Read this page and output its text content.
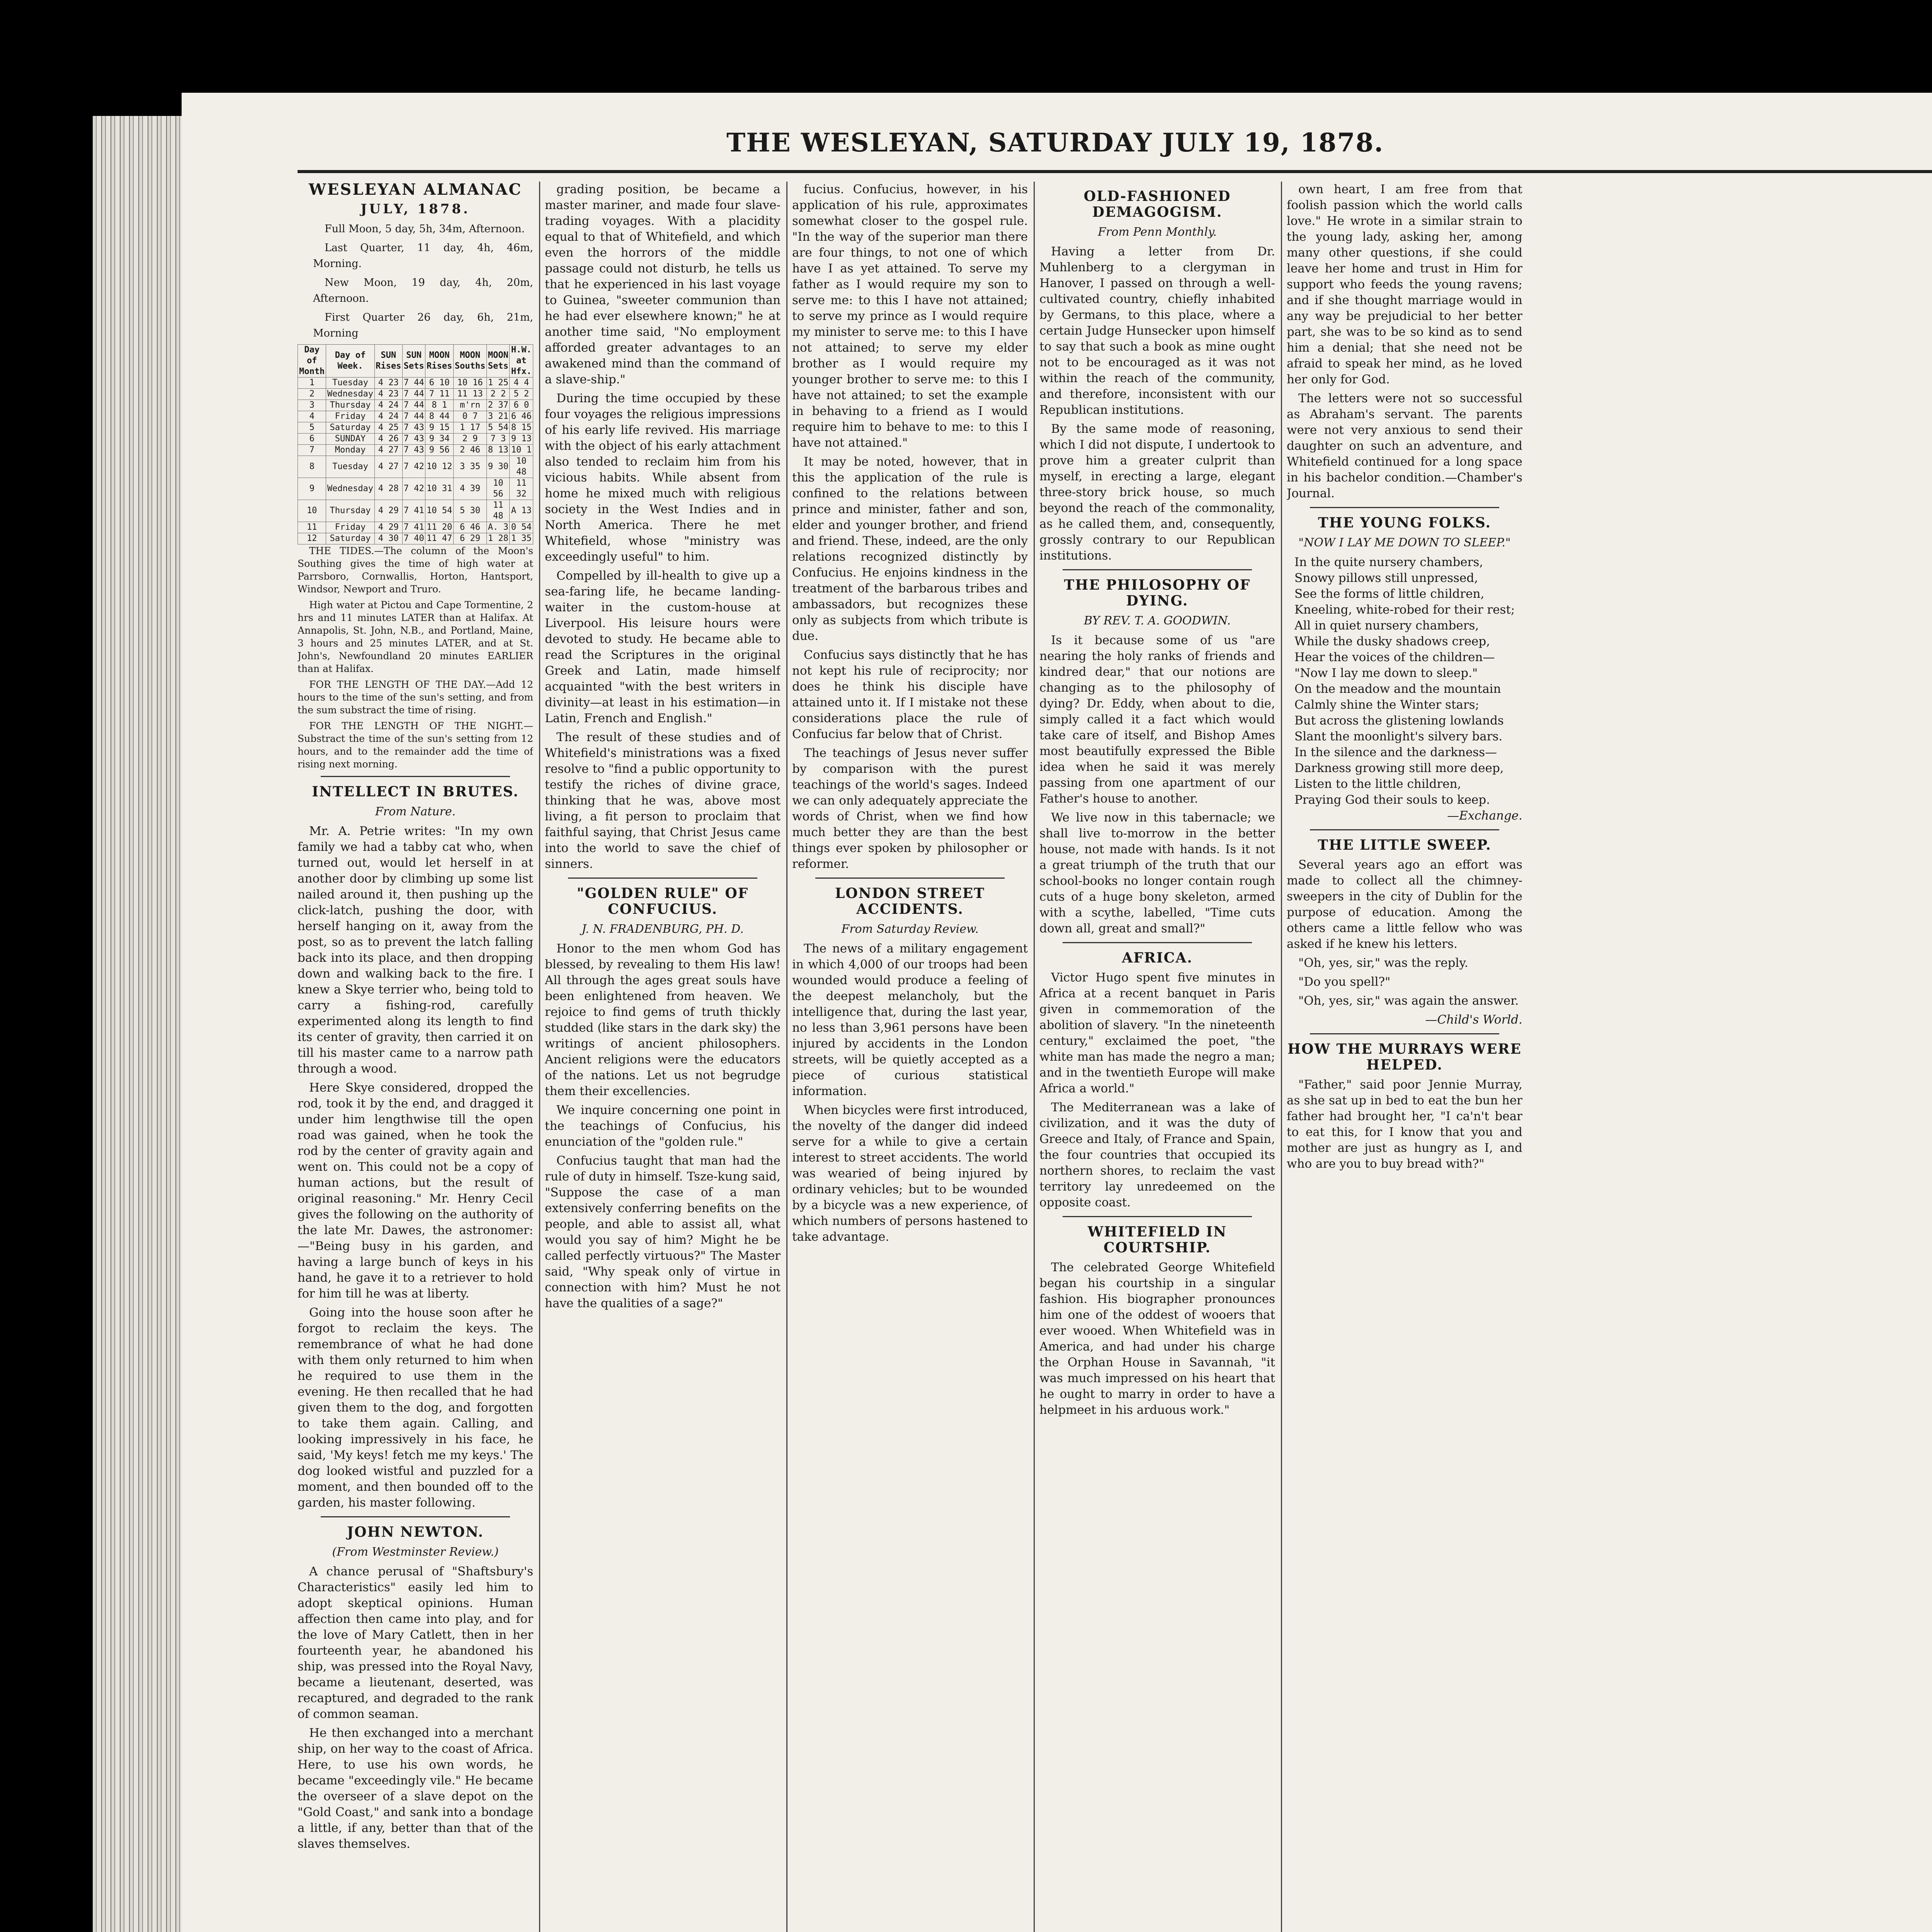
THE WESLEYAN, SATURDAY JULY 19, 1878.
WESLEYAN ALMANAC
JULY, 1878.

Full Moon, 5 day, 5h, 34m, Afternoon.

Last Quarter, 11 day, 4h, 46m, Morning.

New Moon, 19 day, 4h, 20m, Afternoon.

First Quarter 26 day, 6h, 21m, Morning

Day of Month	Day of Week.	SUN Rises	SUN Sets	MOON Rises	MOON Souths	MOON Sets	H.W. at Hfx.
1	Tuesday	4 23	7 44	6 10	10 16	1 25	4 4
2	Wednesday	4 23	7 44	7 11	11 13	2 2	5 2
3	Thursday	4 24	7 44	8 1	m'rn	2 37	6 0
4	Friday	4 24	7 44	8 44	0 7	3 21	6 46
5	Saturday	4 25	7 43	9 15	1 17	5 54	8 15
6	SUNDAY	4 26	7 43	9 34	2 9	7 3	9 13
7	Monday	4 27	7 43	9 56	2 46	8 13	10 1
8	Tuesday	4 27	7 42	10 12	3 35	9 30	10 48
9	Wednesday	4 28	7 42	10 31	4 39	10 56	11 32
10	Thursday	4 29	7 41	10 54	5 30	11 48	A 13
11	Friday	4 29	7 41	11 20	6 46	A. 3	0 54
12	Saturday	4 30	7 40	11 47	6 29	1 28	1 35

THE TIDES.—The column of the Moon's Southing gives the time of high water at Parrsboro, Cornwallis, Horton, Hantsport, Windsor, Newport and Truro.

High water at Pictou and Cape Tormentine, 2 hrs and 11 minutes LATER than at Halifax. At Annapolis, St. John, N.B., and Portland, Maine, 3 hours and 25 minutes LATER, and at St. John's, Newfoundland 20 minutes EARLIER than at Halifax.

FOR THE LENGTH OF THE DAY.—Add 12 hours to the time of the sun's setting, and from the sum substract the time of rising.

FOR THE LENGTH OF THE NIGHT.—Substract the time of the sun's setting from 12 hours, and to the remainder add the time of rising next morning.

INTELLECT IN BRUTES.
From Nature.

Mr. A. Petrie writes: "In my own family we had a tabby cat who, when turned out, would let herself in at another door by climbing up some list nailed around it, then pushing up the click-latch, pushing the door, with herself hanging on it, away from the post, so as to prevent the latch falling back into its place, and then dropping down and walking back to the fire. I knew a Skye terrier who, being told to carry a fishing-rod, carefully experimented along its length to find its center of gravity, then carried it on till his master came to a narrow path through a wood.

Here Skye considered, dropped the rod, took it by the end, and dragged it under him lengthwise till the open road was gained, when he took the rod by the center of gravity again and went on. This could not be a copy of human actions, but the result of original reasoning." Mr. Henry Cecil gives the following on the authority of the late Mr. Dawes, the astronomer:—"Being busy in his garden, and having a large bunch of keys in his hand, he gave it to a retriever to hold for him till he was at liberty.

Going into the house soon after he forgot to reclaim the keys. The remembrance of what he had done with them only returned to him when he required to use them in the evening. He then recalled that he had given them to the dog, and forgotten to take them again. Calling, and looking impressively in his face, he said, 'My keys! fetch me my keys.' The dog looked wistful and puzzled for a moment, and then bounded off to the garden, his master following.

JOHN NEWTON.
(From Westminster Review.)

A chance perusal of "Shaftsbury's Characteristics" easily led him to adopt skeptical opinions. Human affection then came into play, and for the love of Mary Catlett, then in her fourteenth year, he abandoned his ship, was pressed into the Royal Navy, became a lieutenant, deserted, was recaptured, and degraded to the rank of common seaman.

He then exchanged into a merchant ship, on her way to the coast of Africa. Here, to use his own words, he became "exceedingly vile." He became the overseer of a slave depot on the "Gold Coast," and sank into a bondage a little, if any, better than that of the slaves themselves.

grading position, be became a master mariner, and made four slave-trading voyages. With a placidity equal to that of Whitefield, and which even the horrors of the middle passage could not disturb, he tells us that he experienced in his last voyage to Guinea, "sweeter communion than he had ever elsewhere known;" he at another time said, "No employment afforded greater advantages to an awakened mind than the command of a slave-ship."

During the time occupied by these four voyages the religious impressions of his early life revived. His marriage with the object of his early attachment also tended to reclaim him from his vicious habits. While absent from home he mixed much with religious society in the West Indies and in North America. There he met Whitefield, whose "ministry was exceedingly useful" to him.

Compelled by ill-health to give up a sea-faring life, he became landing-waiter in the custom-house at Liverpool. His leisure hours were devoted to study. He became able to read the Scriptures in the original Greek and Latin, made himself acquainted "with the best writers in divinity—at least in his estimation—in Latin, French and English."

The result of these studies and of Whitefield's ministrations was a fixed resolve to "find a public opportunity to testify the riches of divine grace, thinking that he was, above most living, a fit person to proclaim that faithful saying, that Christ Jesus came into the world to save the chief of sinners.

"GOLDEN RULE" OF CONFUCIUS.
J. N. FRADENBURG, PH. D.

Honor to the men whom God has blessed, by revealing to them His law! All through the ages great souls have been enlightened from heaven. We rejoice to find gems of truth thickly studded (like stars in the dark sky) the writings of ancient philosophers. Ancient religions were the educators of the nations. Let us not begrudge them their excellencies.

We inquire concerning one point in the teachings of Confucius, his enunciation of the "golden rule."

Confucius taught that man had the rule of duty in himself. Tsze-kung said, "Suppose the case of a man extensively conferring benefits on the people, and able to assist all, what would you say of him? Might he be called perfectly virtuous?" The Master said, "Why speak only of virtue in connection with him? Must he not have the qualities of a sage?"

fucius. Confucius, however, in his application of his rule, approximates somewhat closer to the gospel rule. "In the way of the superior man there are four things, to not one of which have I as yet attained. To serve my father as I would require my son to serve me: to this I have not attained; to serve my prince as I would require my minister to serve me: to this I have not attained; to serve my elder brother as I would require my younger brother to serve me: to this I have not attained; to set the example in behaving to a friend as I would require him to behave to me: to this I have not attained."

It may be noted, however, that in this the application of the rule is confined to the relations between prince and minister, father and son, elder and younger brother, and friend and friend. These, indeed, are the only relations recognized distinctly by Confucius. He enjoins kindness in the treatment of the barbarous tribes and ambassadors, but recognizes these only as subjects from which tribute is due.

Confucius says distinctly that he has not kept his rule of reciprocity; nor does he think his disciple have attained unto it. If I mistake not these considerations place the rule of Confucius far below that of Christ.

The teachings of Jesus never suffer by comparison with the purest teachings of the world's sages. Indeed we can only adequately appreciate the words of Christ, when we find how much better they are than the best things ever spoken by philosopher or reformer.

LONDON STREET ACCIDENTS.
From Saturday Review.

The news of a military engagement in which 4,000 of our troops had been wounded would produce a feeling of the deepest melancholy, but the intelligence that, during the last year, no less than 3,961 persons have been injured by accidents in the London streets, will be quietly accepted as a piece of curious statistical information.

When bicycles were first introduced, the novelty of the danger did indeed serve for a while to give a certain interest to street accidents. The world was wearied of being injured by ordinary vehicles; but to be wounded by a bicycle was a new experience, of which numbers of persons hastened to take advantage.

OLD-FASHIONED DEMAGOGISM.
From Penn Monthly.

Having a letter from Dr. Muhlenberg to a clergyman in Hanover, I passed on through a well-cultivated country, chiefly inhabited by Germans, to this place, where a certain Judge Hunsecker upon himself to say that such a book as mine ought not to be encouraged as it was not within the reach of the community, and therefore, inconsistent with our Republican institutions.

By the same mode of reasoning, which I did not dispute, I undertook to prove him a greater culprit than myself, in erecting a large, elegant three-story brick house, so much beyond the reach of the commonality, as he called them, and, consequently, grossly contrary to our Republican institutions.

THE PHILOSOPHY OF DYING.
BY REV. T. A. GOODWIN.

Is it because some of us "are nearing the holy ranks of friends and kindred dear," that our notions are changing as to the philosophy of dying? Dr. Eddy, when about to die, simply called it a fact which would take care of itself, and Bishop Ames most beautifully expressed the Bible idea when he said it was merely passing from one apartment of our Father's house to another.

We live now in this tabernacle; we shall live to-morrow in the better house, not made with hands. Is it not a great triumph of the truth that our school-books no longer contain rough cuts of a huge bony skeleton, armed with a scythe, labelled, "Time cuts down all, great and small?"

AFRICA.

Victor Hugo spent five minutes in Africa at a recent banquet in Paris given in commemoration of the abolition of slavery. "In the nineteenth century," exclaimed the poet, "the white man has made the negro a man; and in the twentieth Europe will make Africa a world."

The Mediterranean was a lake of civilization, and it was the duty of Greece and Italy, of France and Spain, the four countries that occupied its northern shores, to reclaim the vast territory lay unredeemed on the opposite coast.

WHITEFIELD IN COURTSHIP.

The celebrated George Whitefield began his courtship in a singular fashion. His biographer pronounces him one of the oddest of wooers that ever wooed. When Whitefield was in America, and had under his charge the Orphan House in Savannah, "it was much impressed on his heart that he ought to marry in order to have a helpmeet in his arduous work."

own heart, I am free from that foolish passion which the world calls love." He wrote in a similar strain to the young lady, asking her, among many other questions, if she could leave her home and trust in Him for support who feeds the young ravens; and if she thought marriage would in any way be prejudicial to her better part, she was to be so kind as to send him a denial; that she need not be afraid to speak her mind, as he loved her only for God.

The letters were not so successful as Abraham's servant. The parents were not very anxious to send their daughter on such an adventure, and Whitefield continued for a long space in his bachelor condition.—Chamber's Journal.

THE YOUNG FOLKS.
"NOW I LAY ME DOWN TO SLEEP."

In the quite nursery chambers,

Snowy pillows still unpressed,

See the forms of little children,

Kneeling, white-robed for their rest;

All in quiet nursery chambers,

While the dusky shadows creep,

Hear the voices of the children—

"Now I lay me down to sleep."

On the meadow and the mountain

Calmly shine the Winter stars;

But across the glistening lowlands

Slant the moonlight's silvery bars.

In the silence and the darkness—

Darkness growing still more deep,

Listen to the little children,

Praying God their souls to keep.

—Exchange.

THE LITTLE SWEEP.

Several years ago an effort was made to collect all the chimney-sweepers in the city of Dublin for the purpose of education. Among the others came a little fellow who was asked if he knew his letters.

"Oh, yes, sir," was the reply.

"Do you spell?"

"Oh, yes, sir," was again the answer.

—Child's World.

HOW THE MURRAYS WERE HELPED.

"Father," said poor Jennie Murray, as she sat up in bed to eat the bun her father had brought her, "I ca'n't bear to eat this, for I know that you and mother are just as hungry as I, and who are you to buy bread with?"
